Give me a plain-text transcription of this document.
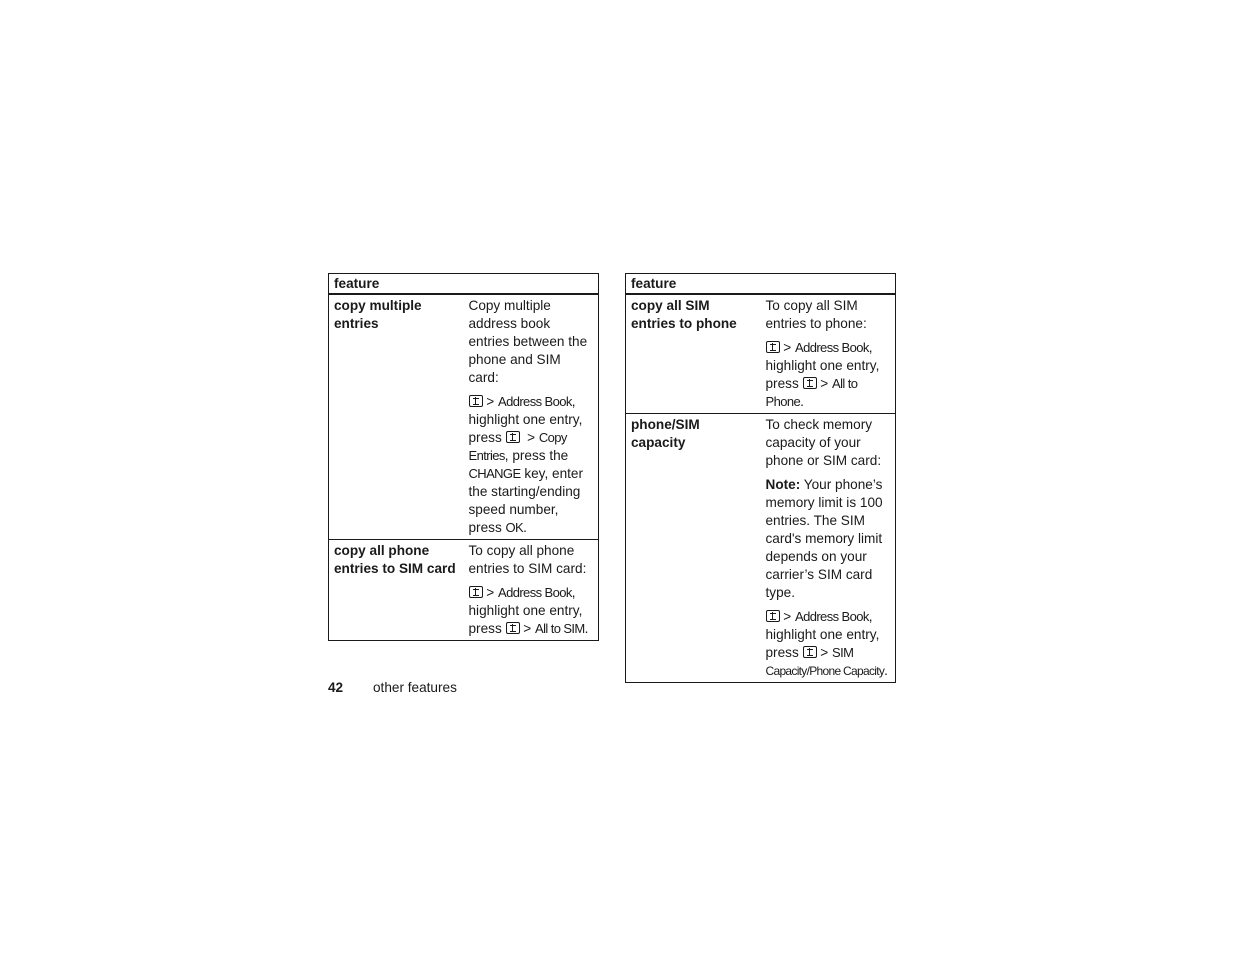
feature	
copy multiple entries	Copy multiple address book entries between the phone and SIM card:

> Address Book, highlight one entry, press   > Copy Entries, press the CHANGE key, enter the starting/ending speed number, press OK.

copy all phone entries to SIM card	To copy all phone entries to SIM card:

> Address Book, highlight one entry, press  > All to SIM.

feature	
copy all SIM entries to phone	To copy all SIM entries to phone:

> Address Book, highlight one entry, press  > All to Phone.

phone/SIM capacity	To check memory capacity of your phone or SIM card:

Note: Your phone’s memory limit is 100 entries. The SIM card's memory limit depends on your carrier’s SIM card type.

> Address Book, highlight one entry, press  > SIM
Capacity/Phone Capacity.

42 other features
